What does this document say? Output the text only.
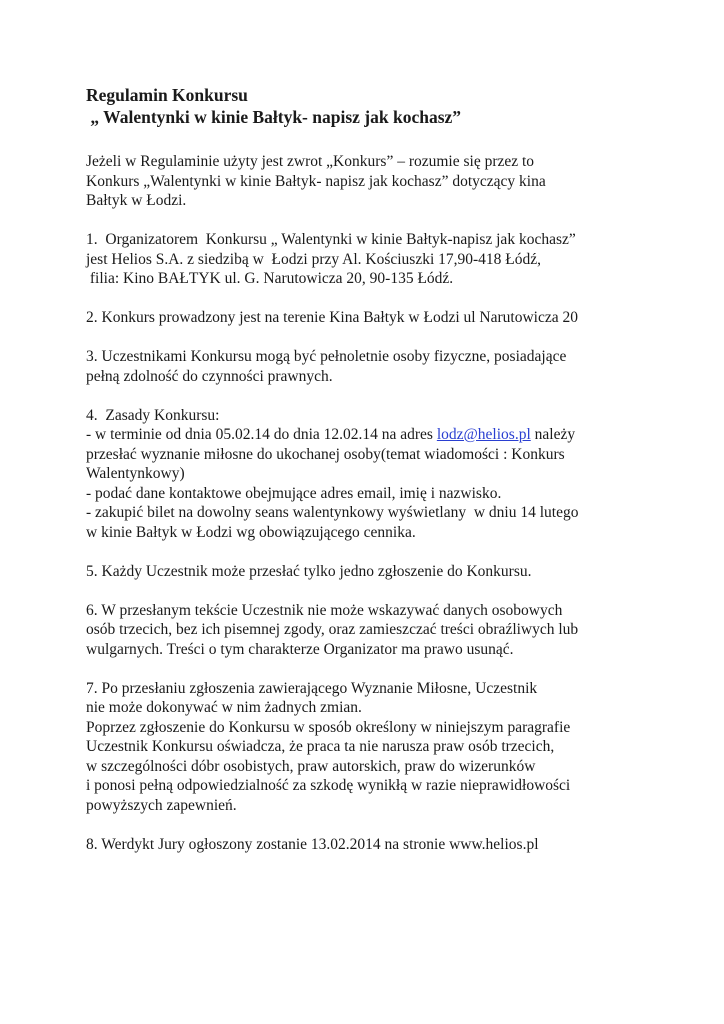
Regulamin Konkursu
„ Walentynki w kinie Bałtyk- napisz jak kochasz”

Jeżeli w Regulaminie użyty jest zwrot „Konkurs” – rozumie się przez to
Konkurs „Walentynki w kinie Bałtyk- napisz jak kochasz” dotyczący kina
Bałtyk w Łodzi.

1.  Organizatorem  Konkursu „ Walentynki w kinie Bałtyk-napisz jak kochasz”
jest Helios S.A. z siedzibą w  Łodzi przy Al. Kościuszki 17,90-418 Łódź,
filia: Kino BAŁTYK ul. G. Narutowicza 20, 90-135 Łódź.

2. Konkurs prowadzony jest na terenie Kina Bałtyk w Łodzi ul Narutowicza 20

3. Uczestnikami Konkursu mogą być pełnoletnie osoby fizyczne, posiadające
pełną zdolność do czynności prawnych.

4.  Zasady Konkursu:
- w terminie od dnia 05.02.14 do dnia 12.02.14 na adres lodz@helios.pl należy
przesłać wyznanie miłosne do ukochanej osoby(temat wiadomości : Konkurs
Walentynkowy)
- podać dane kontaktowe obejmujące adres email, imię i nazwisko.
- zakupić bilet na dowolny seans walentynkowy wyświetlany  w dniu 14 lutego
w kinie Bałtyk w Łodzi wg obowiązującego cennika.

5. Każdy Uczestnik może przesłać tylko jedno zgłoszenie do Konkursu.

6. W przesłanym tekście Uczestnik nie może wskazywać danych osobowych
osób trzecich, bez ich pisemnej zgody, oraz zamieszczać treści obraźliwych lub
wulgarnych. Treści o tym charakterze Organizator ma prawo usunąć.

7. Po przesłaniu zgłoszenia zawierającego Wyznanie Miłosne, Uczestnik
nie może dokonywać w nim żadnych zmian.
Poprzez zgłoszenie do Konkursu w sposób określony w niniejszym paragrafie
Uczestnik Konkursu oświadcza, że praca ta nie narusza praw osób trzecich,
w szczególności dóbr osobistych, praw autorskich, praw do wizerunków
i ponosi pełną odpowiedzialność za szkodę wynikłą w razie nieprawidłowości
powyższych zapewnień.

8. Werdykt Jury ogłoszony zostanie 13.02.2014 na stronie www.helios.pl
